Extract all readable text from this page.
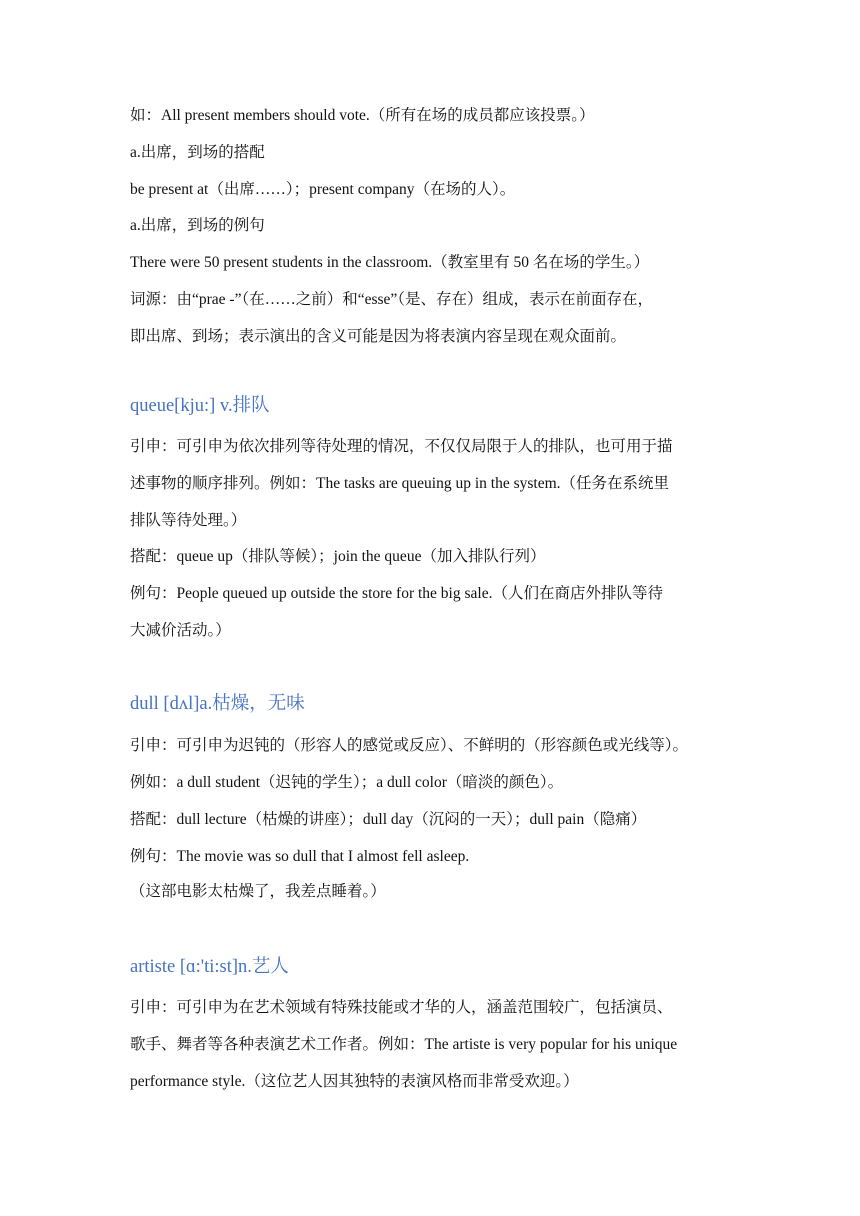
如：All present members should vote.（所有在场的成员都应该投票。）
a.出席，到场的搭配
be present at（出席……）；present company（在场的人）。
a.出席，到场的例句
There were 50 present students in the classroom.（教室里有 50 名在场的学生。）
词源：由“prae -”（在……之前）和“esse”（是、存在）组成，表示在前面存在，
即出席、到场；表示演出的含义可能是因为将表演内容呈现在观众面前。
queue[kju:] v.排队
引申：可引申为依次排列等待处理的情况，不仅仅局限于人的排队，也可用于描
述事物的顺序排列。例如：The tasks are queuing up in the system.（任务在系统里
排队等待处理。）
搭配：queue up（排队等候）；join the queue（加入排队行列）
例句：People queued up outside the store for the big sale.（人们在商店外排队等待
大减价活动。）
dull [dʌl]a.枯燥，无味
引申：可引申为迟钝的（形容人的感觉或反应）、不鲜明的（形容颜色或光线等）。
例如：a dull student（迟钝的学生）；a dull color（暗淡的颜色）。
搭配：dull lecture（枯燥的讲座）；dull day（沉闷的一天）；dull pain（隐痛）
例句：The movie was so dull that I almost fell asleep.
（这部电影太枯燥了，我差点睡着。）
artiste [ɑ:'ti:st]n.艺人
引申：可引申为在艺术领域有特殊技能或才华的人，涵盖范围较广，包括演员、
歌手、舞者等各种表演艺术工作者。例如：The artiste is very popular for his unique
performance style.（这位艺人因其独特的表演风格而非常受欢迎。）
